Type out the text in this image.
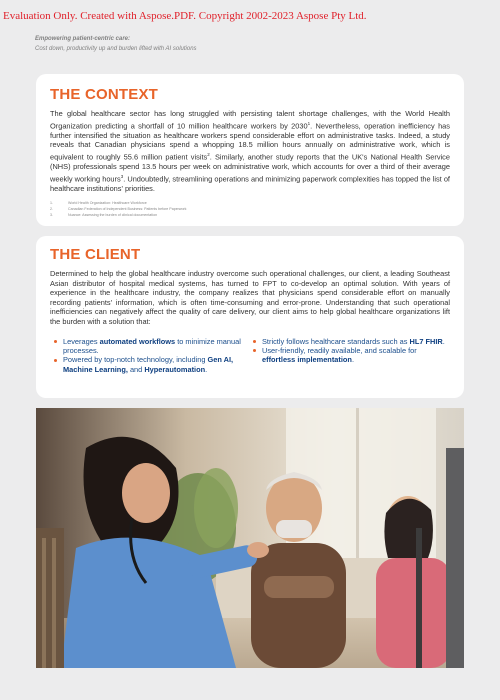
Evaluation Only. Created with Aspose.PDF. Copyright 2002-2023 Aspose Pty Ltd.
Empowering patient-centric care:
Cost down, productivity up and burden lifted with AI solutions
THE CONTEXT

The global healthcare sector has long struggled with persisting talent shortage challenges, with the World Health Organization predicting a shortfall of 10 million healthcare workers by 2030$^1$. Nevertheless, operation inefficiency has further intensified the situation as healthcare workers spend considerable effort on administrative tasks. Indeed, a study reveals that Canadian physicians spend a whopping 18.5 million hours annually on administrative work, which is equivalent to roughly 55.6 million patient visits$^2$. Similarly, another study reports that the UK's National Health Service (NHS) professionals spend 13.5 hours per week on administrative work, which accounts for over a third of their average weekly working hours$^3$. Undoubtedly, streamlining operations and minimizing paperwork complexities has topped the list of healthcare institutions' priorities.

1.	World Health Organization: Healthcare Workforce
2.	Canadian Federation of Independent Business: Patients before Paperwork
3.	Nuance: Assessing the burden of clinical documentation
THE CLIENT

Determined to help the global healthcare industry overcome such operational challenges, our client, a leading Southeast Asian distributor of hospital medical systems, has turned to FPT to co-develop an optimal solution. With years of experience in the healthcare industry, the company realizes that physicians spend considerable effort on manually recording patients' information, which is often time-consuming and error-prone. Understanding that such operational inefficiencies can negatively affect the quality of care delivery, our client aims to help global healthcare organizations lift the burden with a solution that:

Leverages automated workflows to minimize manual processes.
Powered by top-notch technology, including Gen AI, Machine Learning, and Hyperautomation.
Strictly follows healthcare standards such as HL7 FHIR.
User-friendly, readily available, and scalable for effortless implementation.
